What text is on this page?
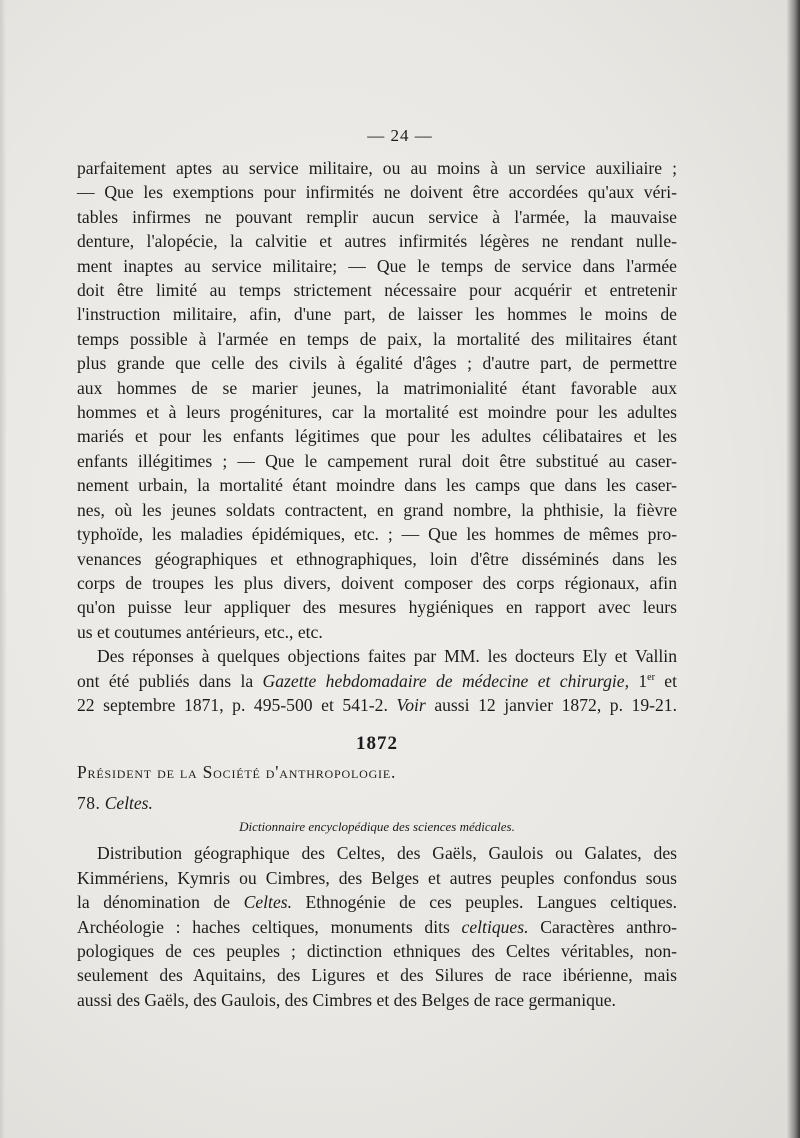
— 24 —
parfaitement aptes au service militaire, ou au moins à un service auxiliaire ;
— Que les exemptions pour infirmités ne doivent être accordées qu'aux véri-
tables infirmes ne pouvant remplir aucun service à l'armée, la mauvaise
denture, l'alopécie, la calvitie et autres infirmités légères ne rendant nulle-
ment inaptes au service militaire; — Que le temps de service dans l'armée
doit être limité au temps strictement nécessaire pour acquérir et entretenir
l'instruction militaire, afin, d'une part, de laisser les hommes le moins de
temps possible à l'armée en temps de paix, la mortalité des militaires étant
plus grande que celle des civils à égalité d'âges ; d'autre part, de permettre
aux hommes de se marier jeunes, la matrimonialité étant favorable aux
hommes et à leurs progénitures, car la mortalité est moindre pour les adultes
mariés et pour les enfants légitimes que pour les adultes célibataires et les
enfants illégitimes ; — Que le campement rural doit être substitué au caser-
nement urbain, la mortalité étant moindre dans les camps que dans les caser-
nes, où les jeunes soldats contractent, en grand nombre, la phthisie, la fièvre
typhoïde, les maladies épidémiques, etc. ; — Que les hommes de mêmes pro-
venances géographiques et ethnographiques, loin d'être disséminés dans les
corps de troupes les plus divers, doivent composer des corps régionaux, afin
qu'on puisse leur appliquer des mesures hygiéniques en rapport avec leurs
us et coutumes antérieurs, etc., etc.
Des réponses à quelques objections faites par MM. les docteurs Ely et Vallin
ont été publiés dans la Gazette hebdomadaire de médecine et chirurgie, 1er et
22 septembre 1871, p. 495-500 et 541-2. Voir aussi 12 janvier 1872, p. 19-21.
1872
Président de la Société d'anthropologie.
78. Celtes.
Dictionnaire encyclopédique des sciences médicales.
Distribution géographique des Celtes, des Gaëls, Gaulois ou Galates, des
Kimmériens, Kymris ou Cimbres, des Belges et autres peuples confondus sous
la dénomination de Celtes. Ethnogénie de ces peuples. Langues celtiques.
Archéologie : haches celtiques, monuments dits celtiques. Caractères anthro-
pologiques de ces peuples ; dictinction ethniques des Celtes véritables, non-
seulement des Aquitains, des Ligures et des Silures de race ibérienne, mais
aussi des Gaëls, des Gaulois, des Cimbres et des Belges de race germanique.
